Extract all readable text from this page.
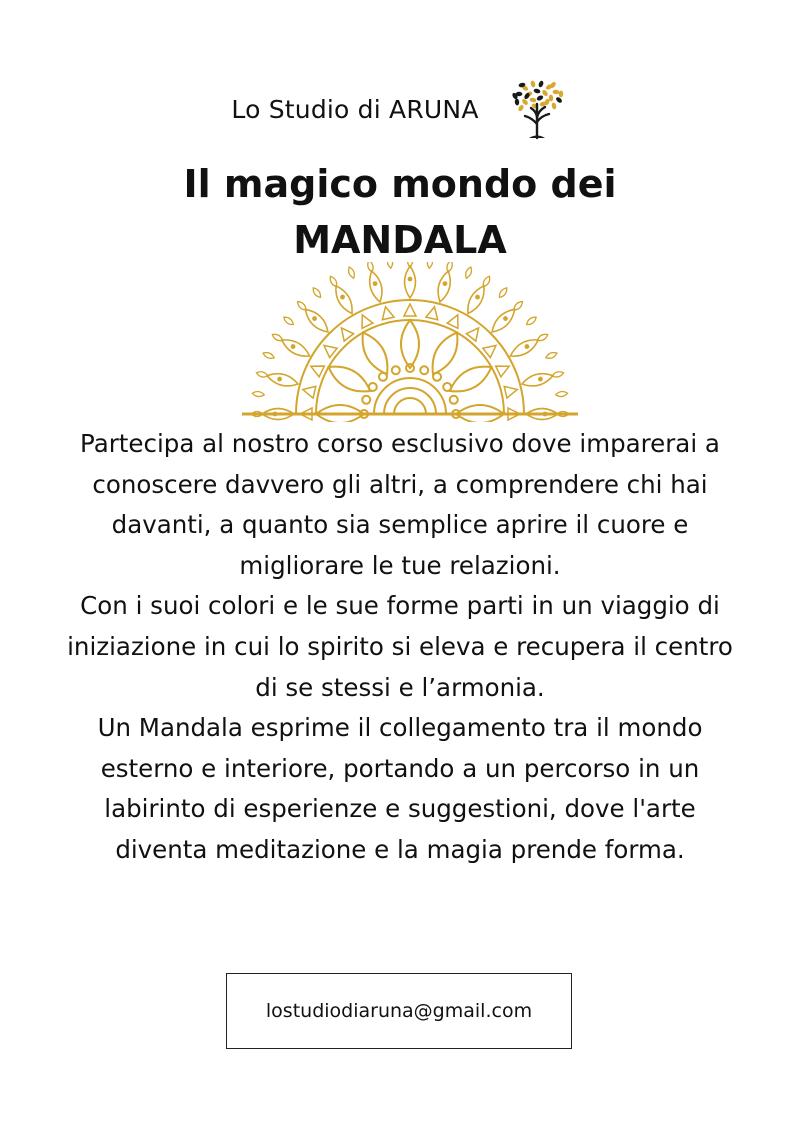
Lo Studio di ARUNA
Il magico mondo dei
MANDALA

Partecipa al nostro corso esclusivo dove imparerai a conoscere davvero gli altri, a comprendere chi hai davanti, a quanto sia semplice aprire il cuore e migliorare le tue relazioni.

Con i suoi colori e le sue forme parti in un viaggio di iniziazione in cui lo spirito si eleva e recupera il centro di se stessi e l’armonia.

Un Mandala esprime il collegamento tra il mondo esterno e interiore, portando a un percorso in un labirinto di esperienze e suggestioni, dove l'arte diventa meditazione e la magia prende forma.

lostudiodiaruna@gmail.com
